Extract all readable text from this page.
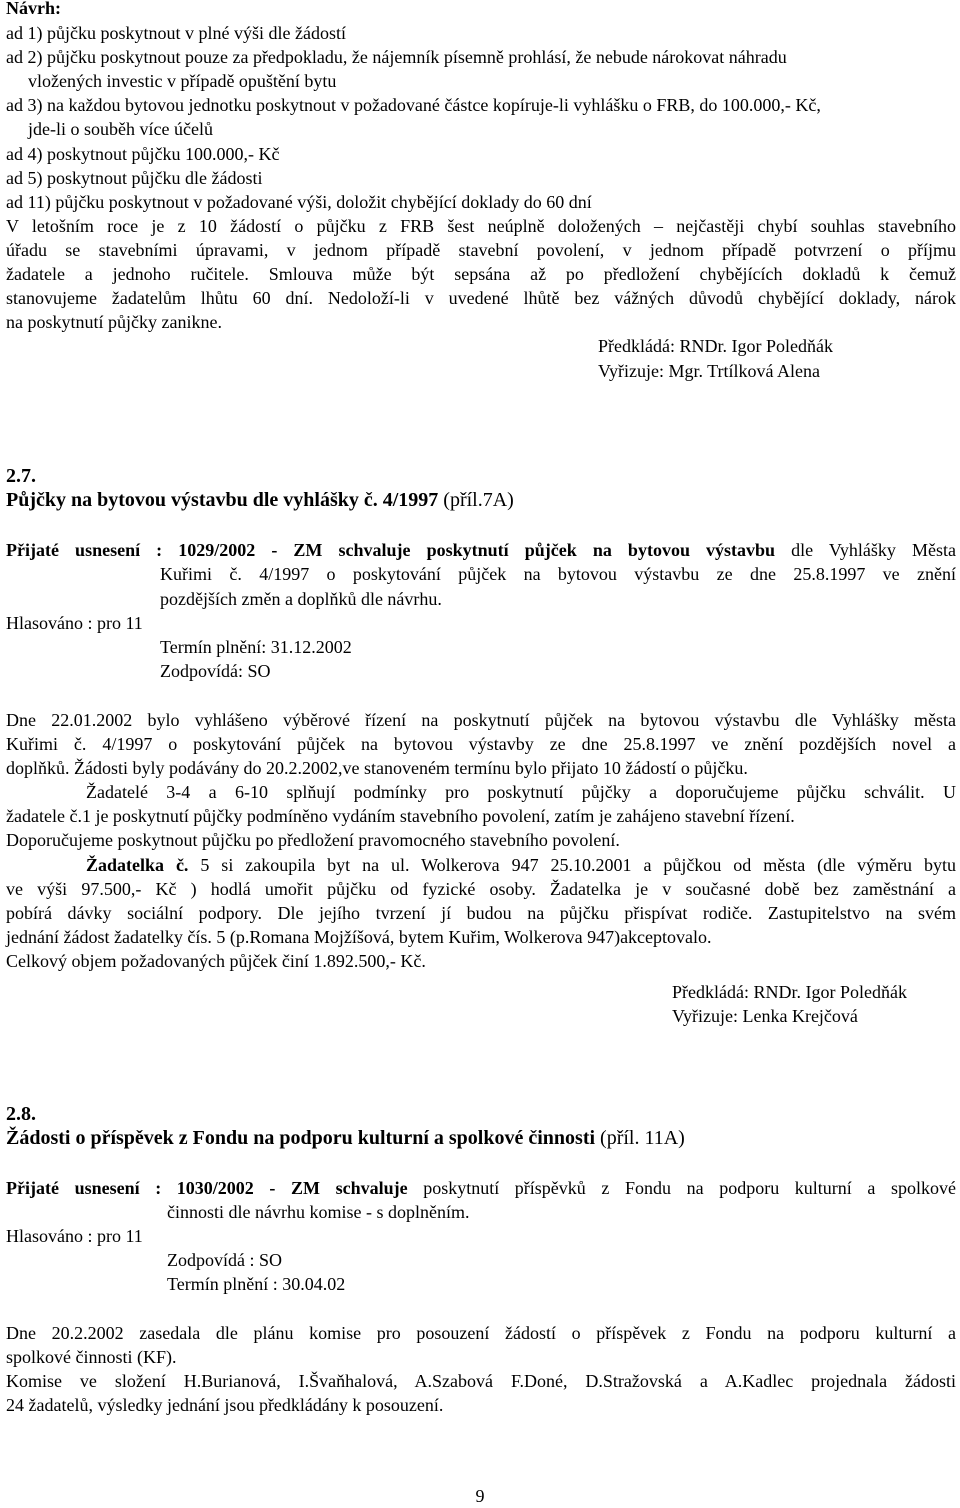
Návrh:
ad 1) půjčku poskytnout v plné výši dle žádostí
ad 2) půjčku poskytnout pouze za předpokladu, že nájemník písemně prohlásí, že nebude nárokovat náhradu
vložených investic v případě opuštění bytu
ad 3) na každou bytovou jednotku poskytnout v požadované částce kopíruje-li vyhlášku o FRB, do 100.000,- Kč,
jde-li o souběh více účelů
ad 4) poskytnout půjčku 100.000,- Kč
ad 5) poskytnout půjčku dle žádosti
ad 11) půjčku poskytnout v požadované výši, doložit chybějící doklady do 60 dní
V letošním roce je z 10 žádostí o půjčku z FRB šest neúplně doložených – nejčastěji chybí souhlas stavebního
úřadu se stavebními úpravami, v jednom případě stavební povolení, v jednom případě potvrzení o příjmu
žadatele a jednoho ručitele. Smlouva může být sepsána až po předložení chybějících dokladů k čemuž
stanovujeme žadatelům lhůtu 60 dní. Nedoloží-li v uvedené lhůtě bez vážných důvodů chybějící doklady, nárok
na poskytnutí půjčky zanikne.
Předkládá: RNDr. Igor Poledňák
Vyřizuje: Mgr. Trtílková Alena
2.7.
Půjčky na bytovou výstavbu dle vyhlášky č. 4/1997 (příl.7A)
Přijaté usnesení : 1029/2002 - ZM schvaluje poskytnutí půjček na bytovou výstavbu dle Vyhlášky Města
Kuřimi č. 4/1997 o poskytování půjček na bytovou výstavbu ze dne 25.8.1997 ve znění
pozdějších změn a doplňků dle návrhu.
Hlasováno : pro 11
Termín plnění: 31.12.2002
Zodpovídá: SO
Dne 22.01.2002 bylo vyhlášeno výběrové řízení na poskytnutí půjček na bytovou výstavbu dle Vyhlášky města
Kuřimi č. 4/1997 o poskytování půjček na bytovou výstavby ze dne 25.8.1997 ve znění pozdějších novel a
doplňků. Žádosti byly podávány do 20.2.2002,ve stanoveném termínu bylo přijato 10 žádostí o půjčku.
Žadatelé 3-4 a 6-10 splňují podmínky pro poskytnutí půjčky a doporučujeme půjčku schválit. U
žadatele č.1 je poskytnutí půjčky podmíněno vydáním stavebního povolení, zatím je zahájeno stavební řízení.
Doporučujeme poskytnout půjčku po předložení pravomocného stavebního povolení.
Žadatelka č. 5 si zakoupila byt na ul. Wolkerova 947 25.10.2001 a půjčkou od města (dle výměru bytu
ve výši 97.500,- Kč ) hodlá umořit půjčku od fyzické osoby. Žadatelka je v současné době bez zaměstnání a
pobírá dávky sociální podpory. Dle jejího tvrzení jí budou na půjčku přispívat rodiče. Zastupitelstvo na svém
jednání žádost žadatelky čís. 5 (p.Romana Mojžíšová, bytem Kuřim, Wolkerova 947)akceptovalo.
Celkový objem požadovaných půjček činí 1.892.500,- Kč.
Předkládá: RNDr. Igor Poledňák
Vyřizuje: Lenka Krejčová
2.8.
Žádosti o příspěvek z Fondu na podporu kulturní a spolkové činnosti (příl. 11A)
Přijaté usnesení : 1030/2002 - ZM schvaluje poskytnutí příspěvků z Fondu na podporu kulturní a spolkové
činnosti dle návrhu komise - s doplněním.
Hlasováno : pro 11
Zodpovídá : SO
Termín plnění : 30.04.02
Dne 20.2.2002 zasedala dle plánu komise pro posouzení žádostí o příspěvek z Fondu na podporu kulturní a
spolkové činnosti (KF).
Komise ve složení H.Burianová, I.Švaňhalová, A.Szabová F.Doné, D.Stražovská a A.Kadlec projednala žádosti
24 žadatelů, výsledky jednání jsou předkládány k posouzení.
9
